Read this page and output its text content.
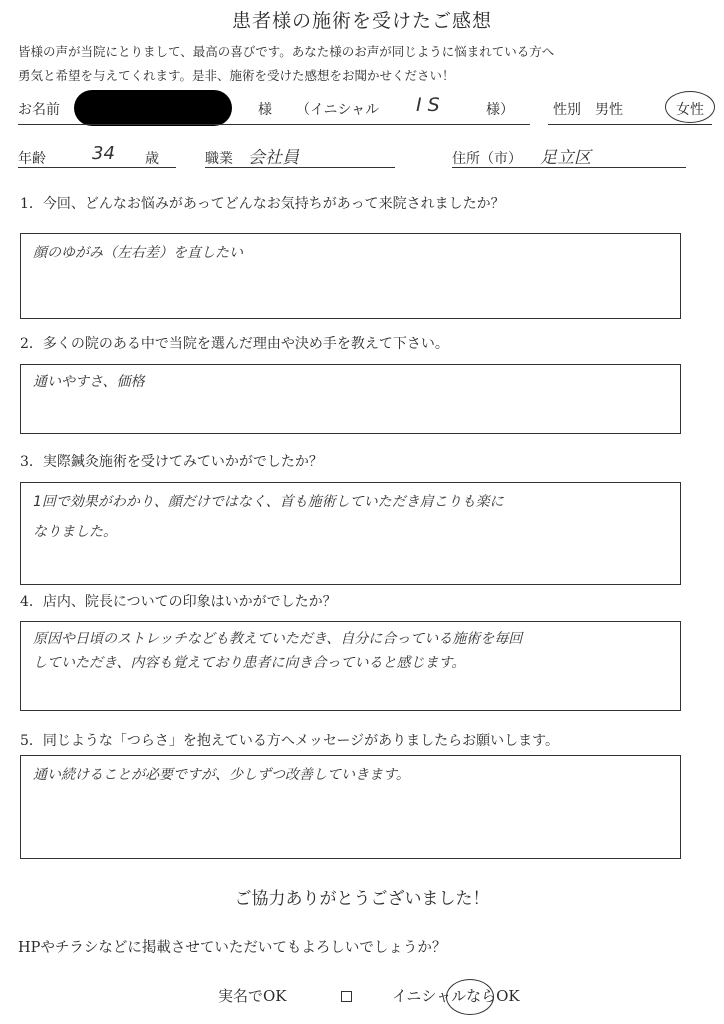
患者様の施術を受けたご感想
皆様の声が当院にとりまして、最高の喜びです。あなた様のお声が同じように悩まれている方へ
勇気と希望を与えてくれます。是非、施術を受けた感想をお聞かせください！
お名前	様 （イニシャル I S	様）	性別 男性	女性
年齢	34 歳	職業 会社員	住所（市） 足立区
1．今回、どんなお悩みがあってどんなお気持ちがあって来院されましたか？
顔のゆがみ（左右差）を直したい
2．多くの院のある中で当院を選んだ理由や決め手を教えて下さい。
通いやすさ、価格
3．実際鍼灸施術を受けてみていかがでしたか？
1回で効果がわかり、顔だけではなく、首も施術していただき肩こりも楽に
なりました。
4．店内、院長についての印象はいかがでしたか？
原因や日頃のストレッチなども教えていただき、自分に合っている施術を毎回
していただき、内容も覚えており患者に向き合っていると感じます。
5．同じような「つらさ」を抱えている方へメッセージがありましたらお願いします。
通い続けることが必要ですが、少しずつ改善していきます。
ご協力ありがとうございました！
HPやチラシなどに掲載させていただいてもよろしいでしょうか？
実名でOK	イニシャルならOK
